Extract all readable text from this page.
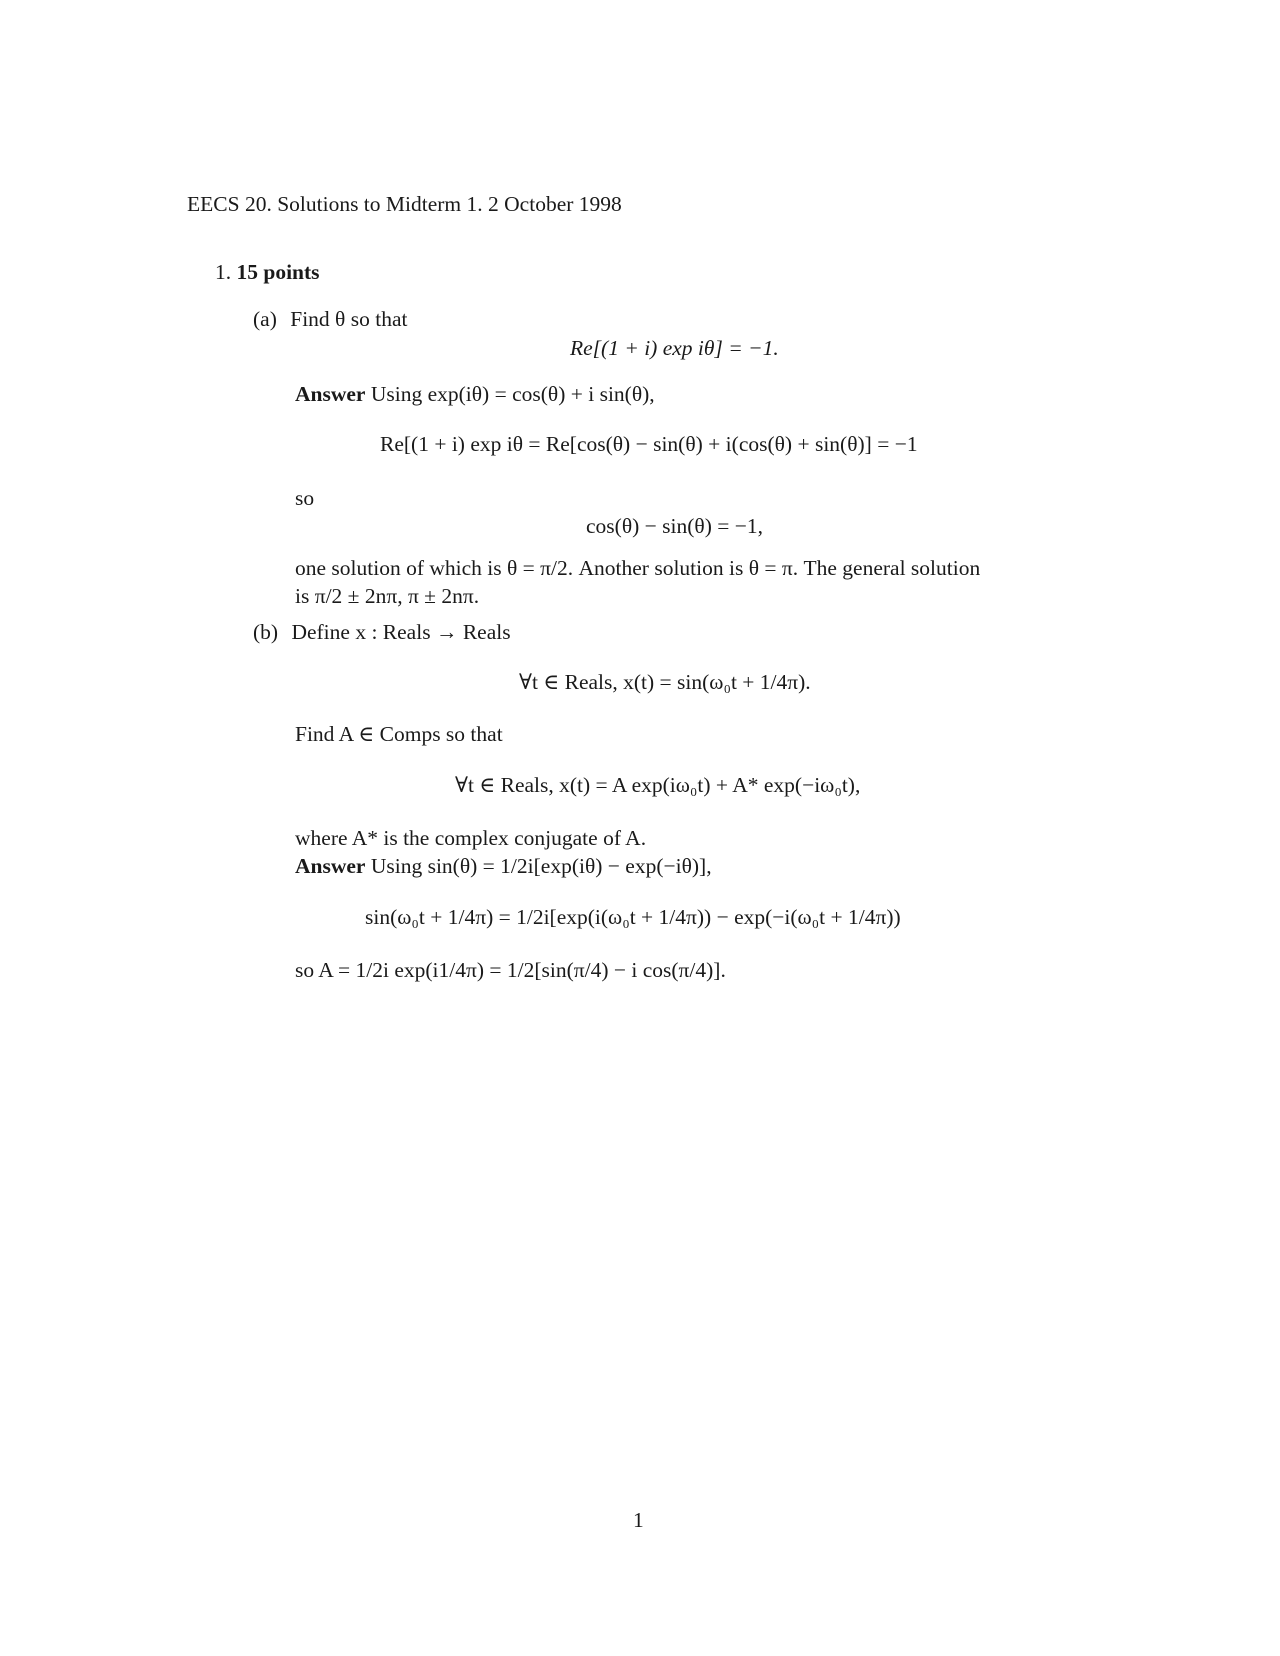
EECS 20. Solutions to Midterm 1. 2 October 1998
1. 15 points
(a) Find θ so that
Re[(1 + i) exp iθ] = −1.
Answer Using exp(iθ) = cos(θ) + i sin(θ),
Re[(1 + i) exp iθ = Re[cos(θ) − sin(θ) + i(cos(θ) + sin(θ)] = −1
so
cos(θ) − sin(θ) = −1,
one solution of which is θ = π/2. Another solution is θ = π. The general solution
is π/2 ± 2nπ, π ± 2nπ.
(b) Define x : Reals → Reals
∀t ∈ Reals, x(t) = sin(ω₀t + 1/4π).
Find A ∈ Comps so that
∀t ∈ Reals, x(t) = A exp(iω₀t) + A* exp(−iω₀t),
where A* is the complex conjugate of A.
Answer Using sin(θ) = 1/2i[exp(iθ) − exp(−iθ)],
sin(ω₀t + 1/4π) = 1/2i[exp(i(ω₀t + 1/4π)) − exp(−i(ω₀t + 1/4π))
so A = 1/2i exp(i1/4π) = 1/2[sin(π/4) − i cos(π/4)].
1
